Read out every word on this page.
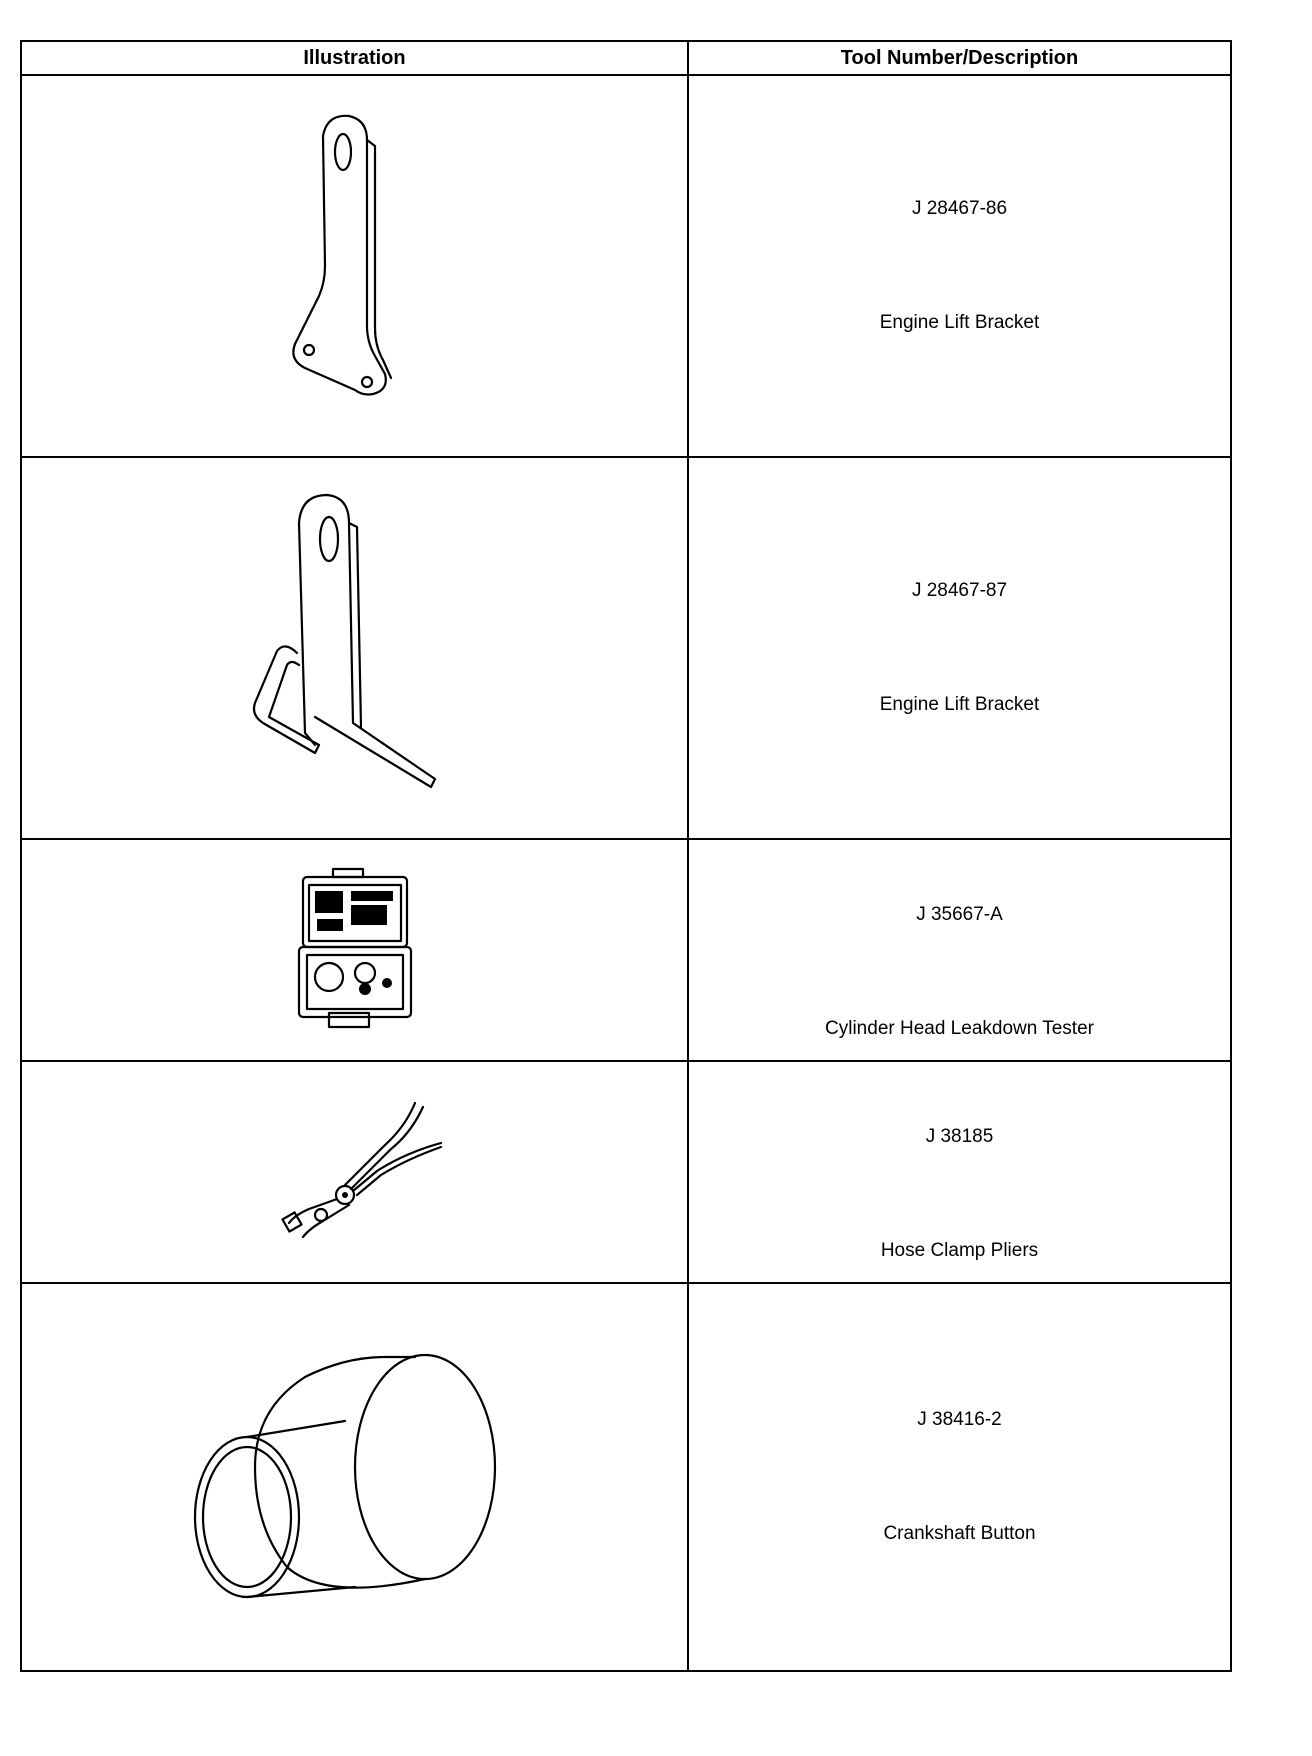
Illustration	Tool Number/Description

J 28467-86
Engine Lift Bracket

J 28467-87
Engine Lift Bracket

J 35667-A
Cylinder Head Leakdown Tester

J 38185
Hose Clamp Pliers

J 38416-2
Crankshaft Button
